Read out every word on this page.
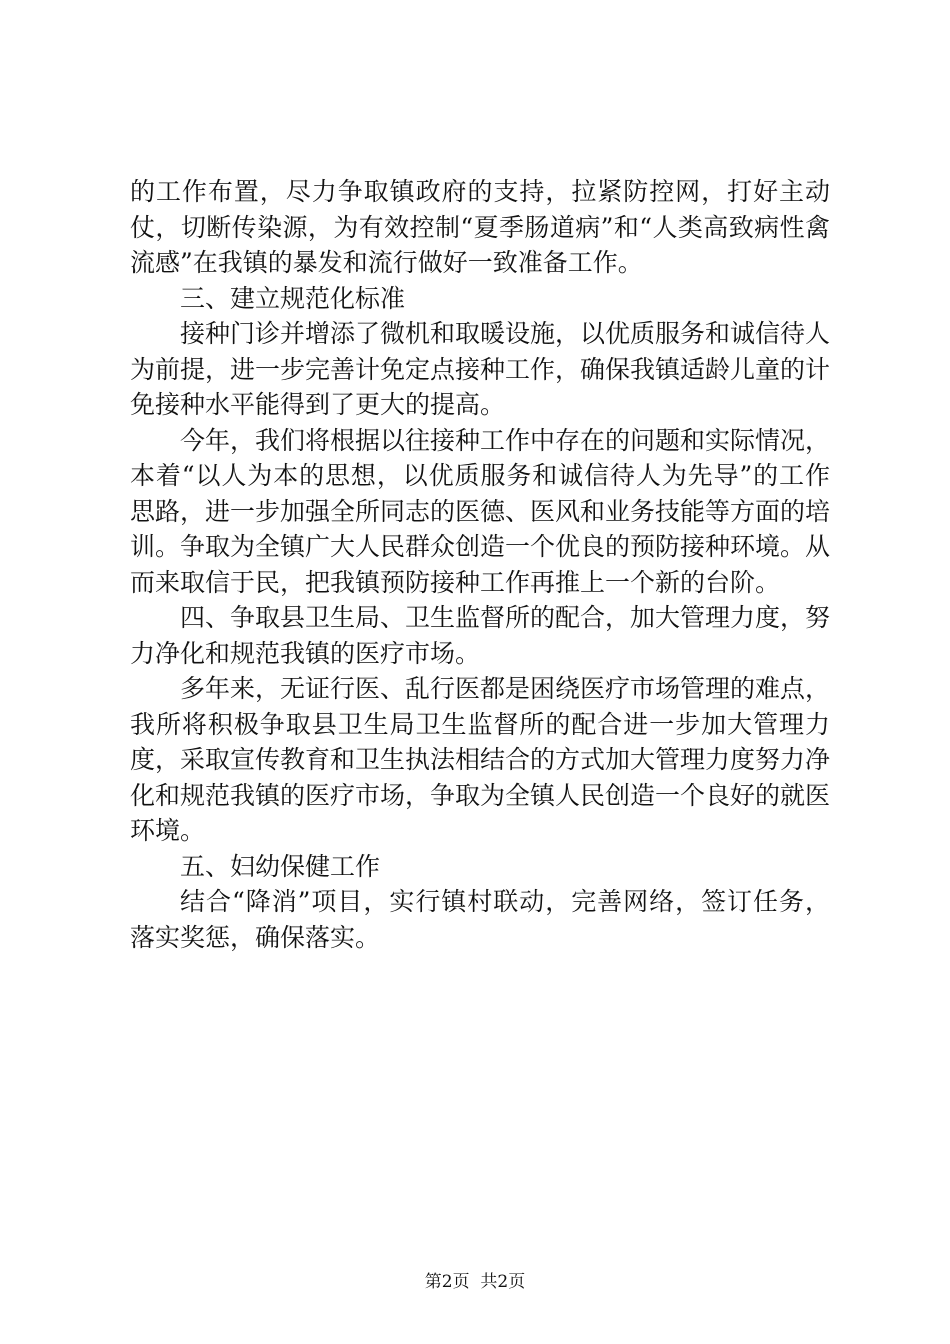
的工作布置，尽力争取镇政府的支持，拉紧防控网，打好主动仗，切断传染源，为有效控制“夏季肠道病”和“人类高致病性禽流感”在我镇的暴发和流行做好一致准备工作。

三、建立规范化标准

接种门诊并增添了微机和取暖设施，以优质服务和诚信待人为前提，进一步完善计免定点接种工作，确保我镇适龄儿童的计免接种水平能得到了更大的提高。

今年，我们将根据以往接种工作中存在的问题和实际情况，本着“以人为本的思想，以优质服务和诚信待人为先导”的工作思路，进一步加强全所同志的医德、医风和业务技能等方面的培训。争取为全镇广大人民群众创造一个优良的预防接种环境。从而来取信于民，把我镇预防接种工作再推上一个新的台阶。

四、争取县卫生局、卫生监督所的配合，加大管理力度，努力净化和规范我镇的医疗市场。

多年来，无证行医、乱行医都是困绕医疗市场管理的难点，我所将积极争取县卫生局卫生监督所的配合进一步加大管理力度，采取宣传教育和卫生执法相结合的方式加大管理力度努力净化和规范我镇的医疗市场，争取为全镇人民创造一个良好的就医环境。

五、妇幼保健工作

结合“降消”项目，实行镇村联动，完善网络，签订任务，落实奖惩，确保落实。

第2页  共2页
